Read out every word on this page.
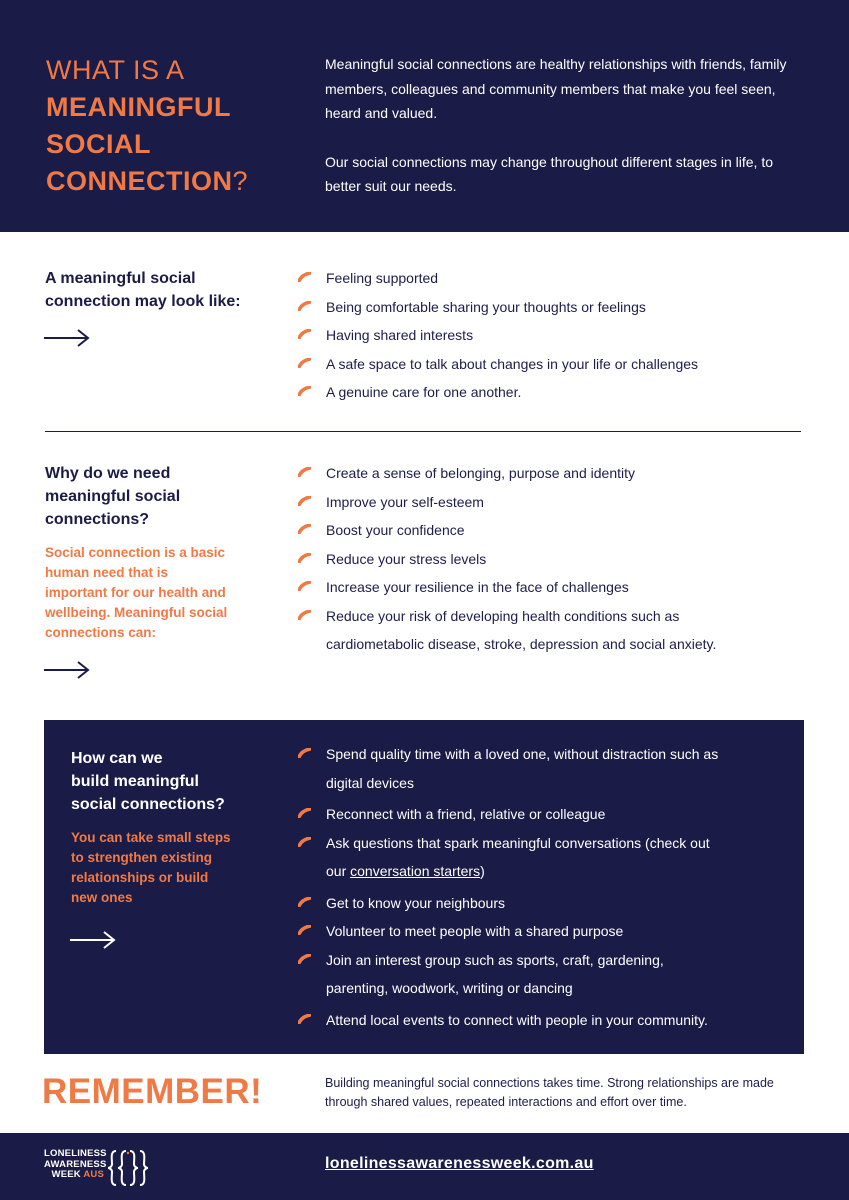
WHAT IS A
MEANINGFUL
SOCIAL
CONNECTION?

Meaningful social connections are healthy relationships with friends, family members, colleagues and community members that make you feel seen, heard and valued.

Our social connections may change throughout different stages in life, to better suit our needs.

A meaningful social
connection may look like:
Feeling supported
Being comfortable sharing your thoughts or feelings
Having shared interests
A safe space to talk about changes in your life or challenges
A genuine care for one another.
Why do we need
meaningful social
connections?
Social connection is a basic
human need that is
important for our health and
wellbeing. Meaningful social
connections can:
Create a sense of belonging, purpose and identity
Improve your self-esteem
Boost your confidence
Reduce your stress levels
Increase your resilience in the face of challenges
Reduce your risk of developing health conditions such as
cardiometabolic disease, stroke, depression and social anxiety.
How can we
build meaningful
social connections?
You can take small steps
to strengthen existing
relationships or build
new ones
Spend quality time with a loved one, without distraction such as
digital devices
Reconnect with a friend, relative or colleague
Ask questions that spark meaningful conversations (check out
our conversation starters)
Get to know your neighbours
Volunteer to meet people with a shared purpose
Join an interest group such as sports, craft, gardening,
parenting, woodwork, writing or dancing
Attend local events to connect with people in your community.
REMEMBER!	Building meaningful social connections takes time. Strong relationships are made through shared values, repeated interactions and effort over time.
LONELINESS
AWARENESS
WEEK AUS
lonelinessawarenessweek.com.au
